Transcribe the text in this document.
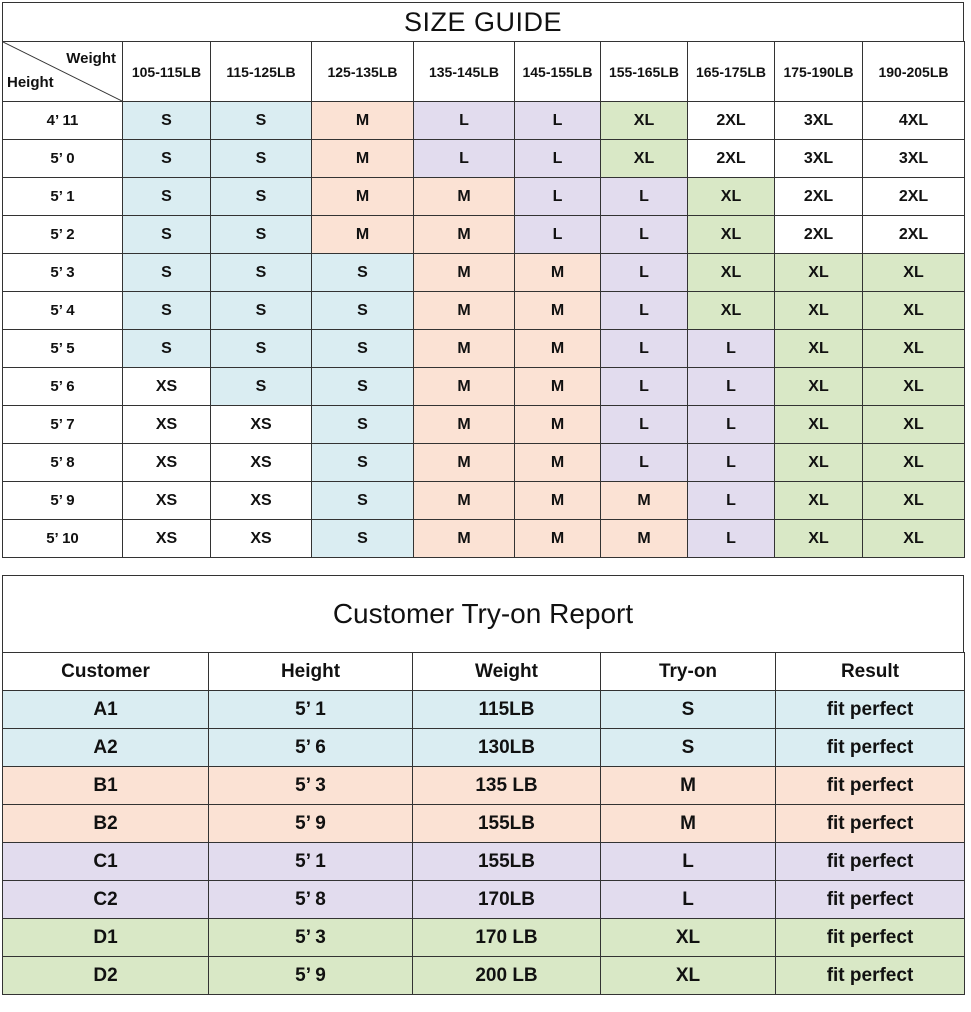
SIZE GUIDE
Weight
Height	105-115LB	115-125LB	125-135LB	135-145LB	145-155LB	155-165LB	165-175LB	175-190LB	190-205LB
4’ 11	S	S	M	L	L	XL	2XL	3XL	4XL
5’ 0	S	S	M	L	L	XL	2XL	3XL	3XL
5’ 1	S	S	M	M	L	L	XL	2XL	2XL
5’ 2	S	S	M	M	L	L	XL	2XL	2XL
5’ 3	S	S	S	M	M	L	XL	XL	XL
5’ 4	S	S	S	M	M	L	XL	XL	XL
5’ 5	S	S	S	M	M	L	L	XL	XL
5’ 6	XS	S	S	M	M	L	L	XL	XL
5’ 7	XS	XS	S	M	M	L	L	XL	XL
5’ 8	XS	XS	S	M	M	L	L	XL	XL
5’ 9	XS	XS	S	M	M	M	L	XL	XL
5’ 10	XS	XS	S	M	M	M	L	XL	XL
Customer Try-on Report
Customer	Height	Weight	Try-on	Result
A1	5’ 1	115LB	S	fit perfect
A2	5’ 6	130LB	S	fit perfect
B1	5’ 3	135 LB	M	fit perfect
B2	5’ 9	155LB	M	fit perfect
C1	5’ 1	155LB	L	fit perfect
C2	5’ 8	170LB	L	fit perfect
D1	5’ 3	170 LB	XL	fit perfect
D2	5’ 9	200 LB	XL	fit perfect
